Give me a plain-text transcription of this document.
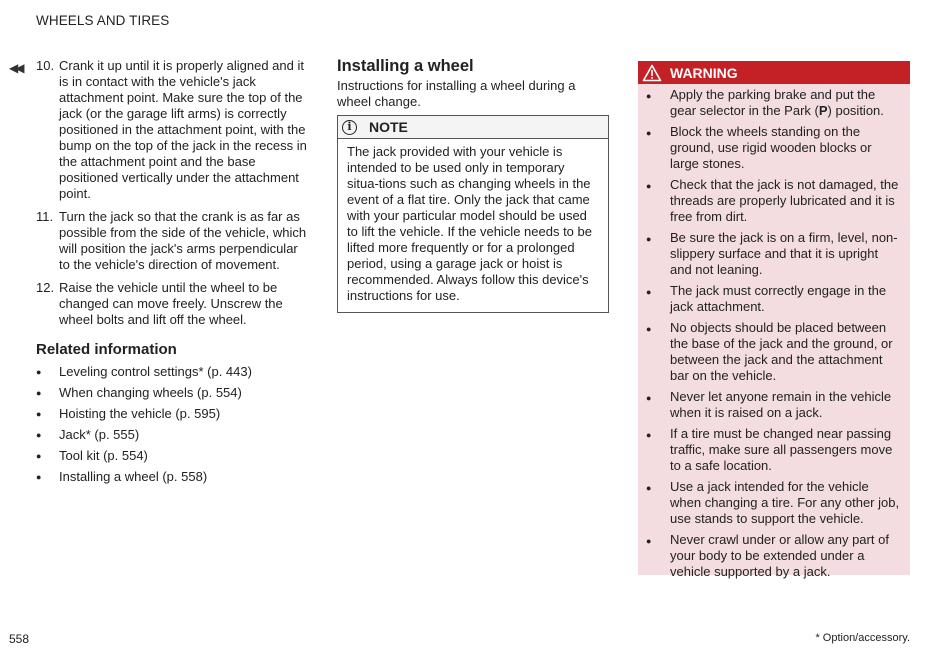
WHEELS AND TIRES
◀◀ 10. Crank it up until it is properly aligned and it is in contact with the vehicle's jack attachment point. Make sure the top of the jack (or the garage lift arms) is correctly positioned in the attachment point, with the bump on the top of the jack in the recess in the attachment point and the base positioned vertically under the attachment point.
11. Turn the jack so that the crank is as far as possible from the side of the vehicle, which will position the jack's arms perpendicular to the vehicle's direction of movement.
12. Raise the vehicle until the wheel to be changed can move freely. Unscrew the wheel bolts and lift off the wheel.
Related information
●	Leveling control settings* (p. 443)
●	When changing wheels (p. 554)
●	Hoisting the vehicle (p. 595)
●	Jack* (p. 555)
●	Tool kit (p. 554)
●	Installing a wheel (p. 558)
Installing a wheel
Instructions for installing a wheel during a wheel change.
i	NOTE
The jack provided with your vehicle is intended to be used only in temporary situa-tions such as changing wheels in the event of a flat tire. Only the jack that came with your particular model should be used to lift the vehicle. If the vehicle needs to be lifted more frequently or for a prolonged period, using a garage jack or hoist is recommended. Always follow this device's instructions for use.
WARNING
●	Apply the parking brake and put the gear selector in the Park (P) position.
●	Block the wheels standing on the ground, use rigid wooden blocks or large stones.
●	Check that the jack is not damaged, the threads are properly lubricated and it is free from dirt.
●	Be sure the jack is on a firm, level, non-slippery surface and that it is upright and not leaning.
●	The jack must correctly engage in the jack attachment.
●	No objects should be placed between the base of the jack and the ground, or between the jack and the attachment bar on the vehicle.
●	Never let anyone remain in the vehicle when it is raised on a jack.
●	If a tire must be changed near passing traffic, make sure all passengers move to a safe location.
●	Use a jack intended for the vehicle when changing a tire. For any other job, use stands to support the vehicle.
●	Never crawl under or allow any part of your body to be extended under a vehicle supported by a jack.
558	* Option/accessory.
